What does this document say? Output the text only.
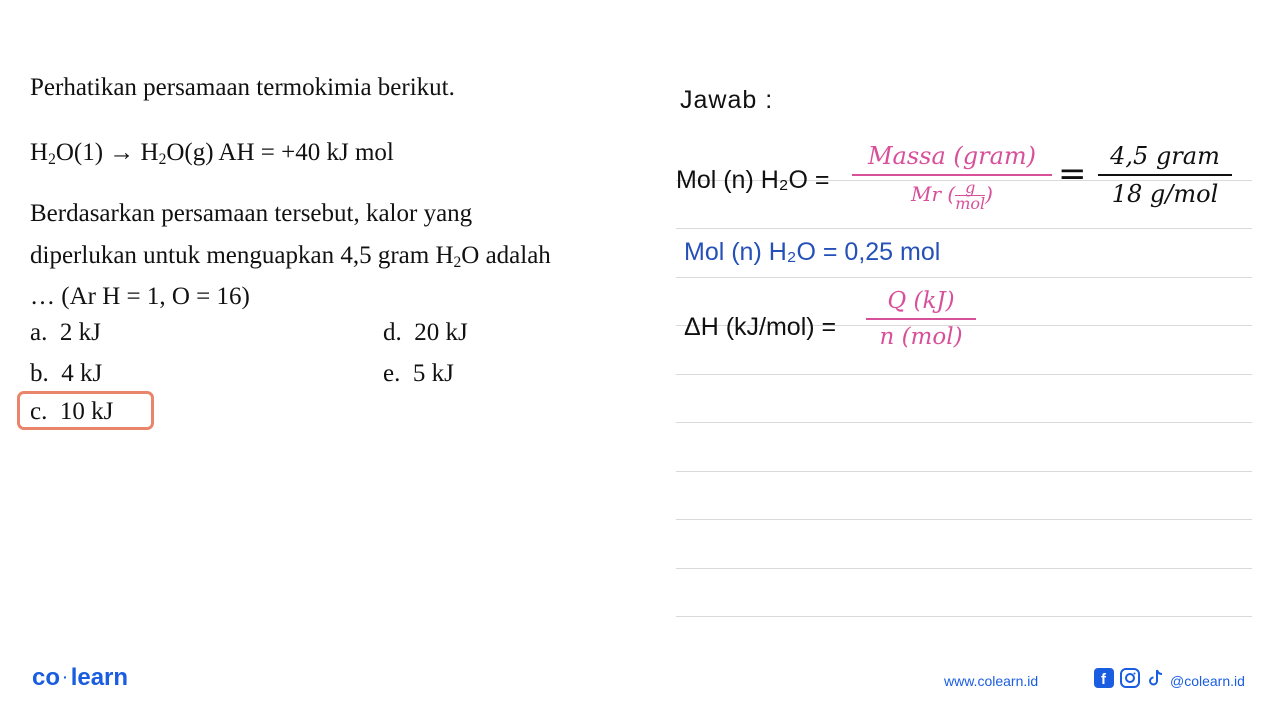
Perhatikan persamaan termokimia berikut.
$H_2O(1) \to H_2O(g)$ AH = +40 kJ mol
Berdasarkan persamaan tersebut, kalor yang
diperlukan untuk menguapkan 4,5 gram $H_2O$ adalah
… (Ar H = 1, O = 16)
a. 2 kJ
b. 4 kJ
c. 10 kJ
d. 20 kJ
e. 5 kJ
Jawab :
Mol (n) H₂O =
Massa (gram)
Mr ( g
mol )	= 4,5 gram
18 g/mol
Mol (n) H₂O = 0,25 mol
ΔH (kJ/mol) =
Q (kJ)
n (mol)
co · learn	www.colearn.id	f	@colearn.id
